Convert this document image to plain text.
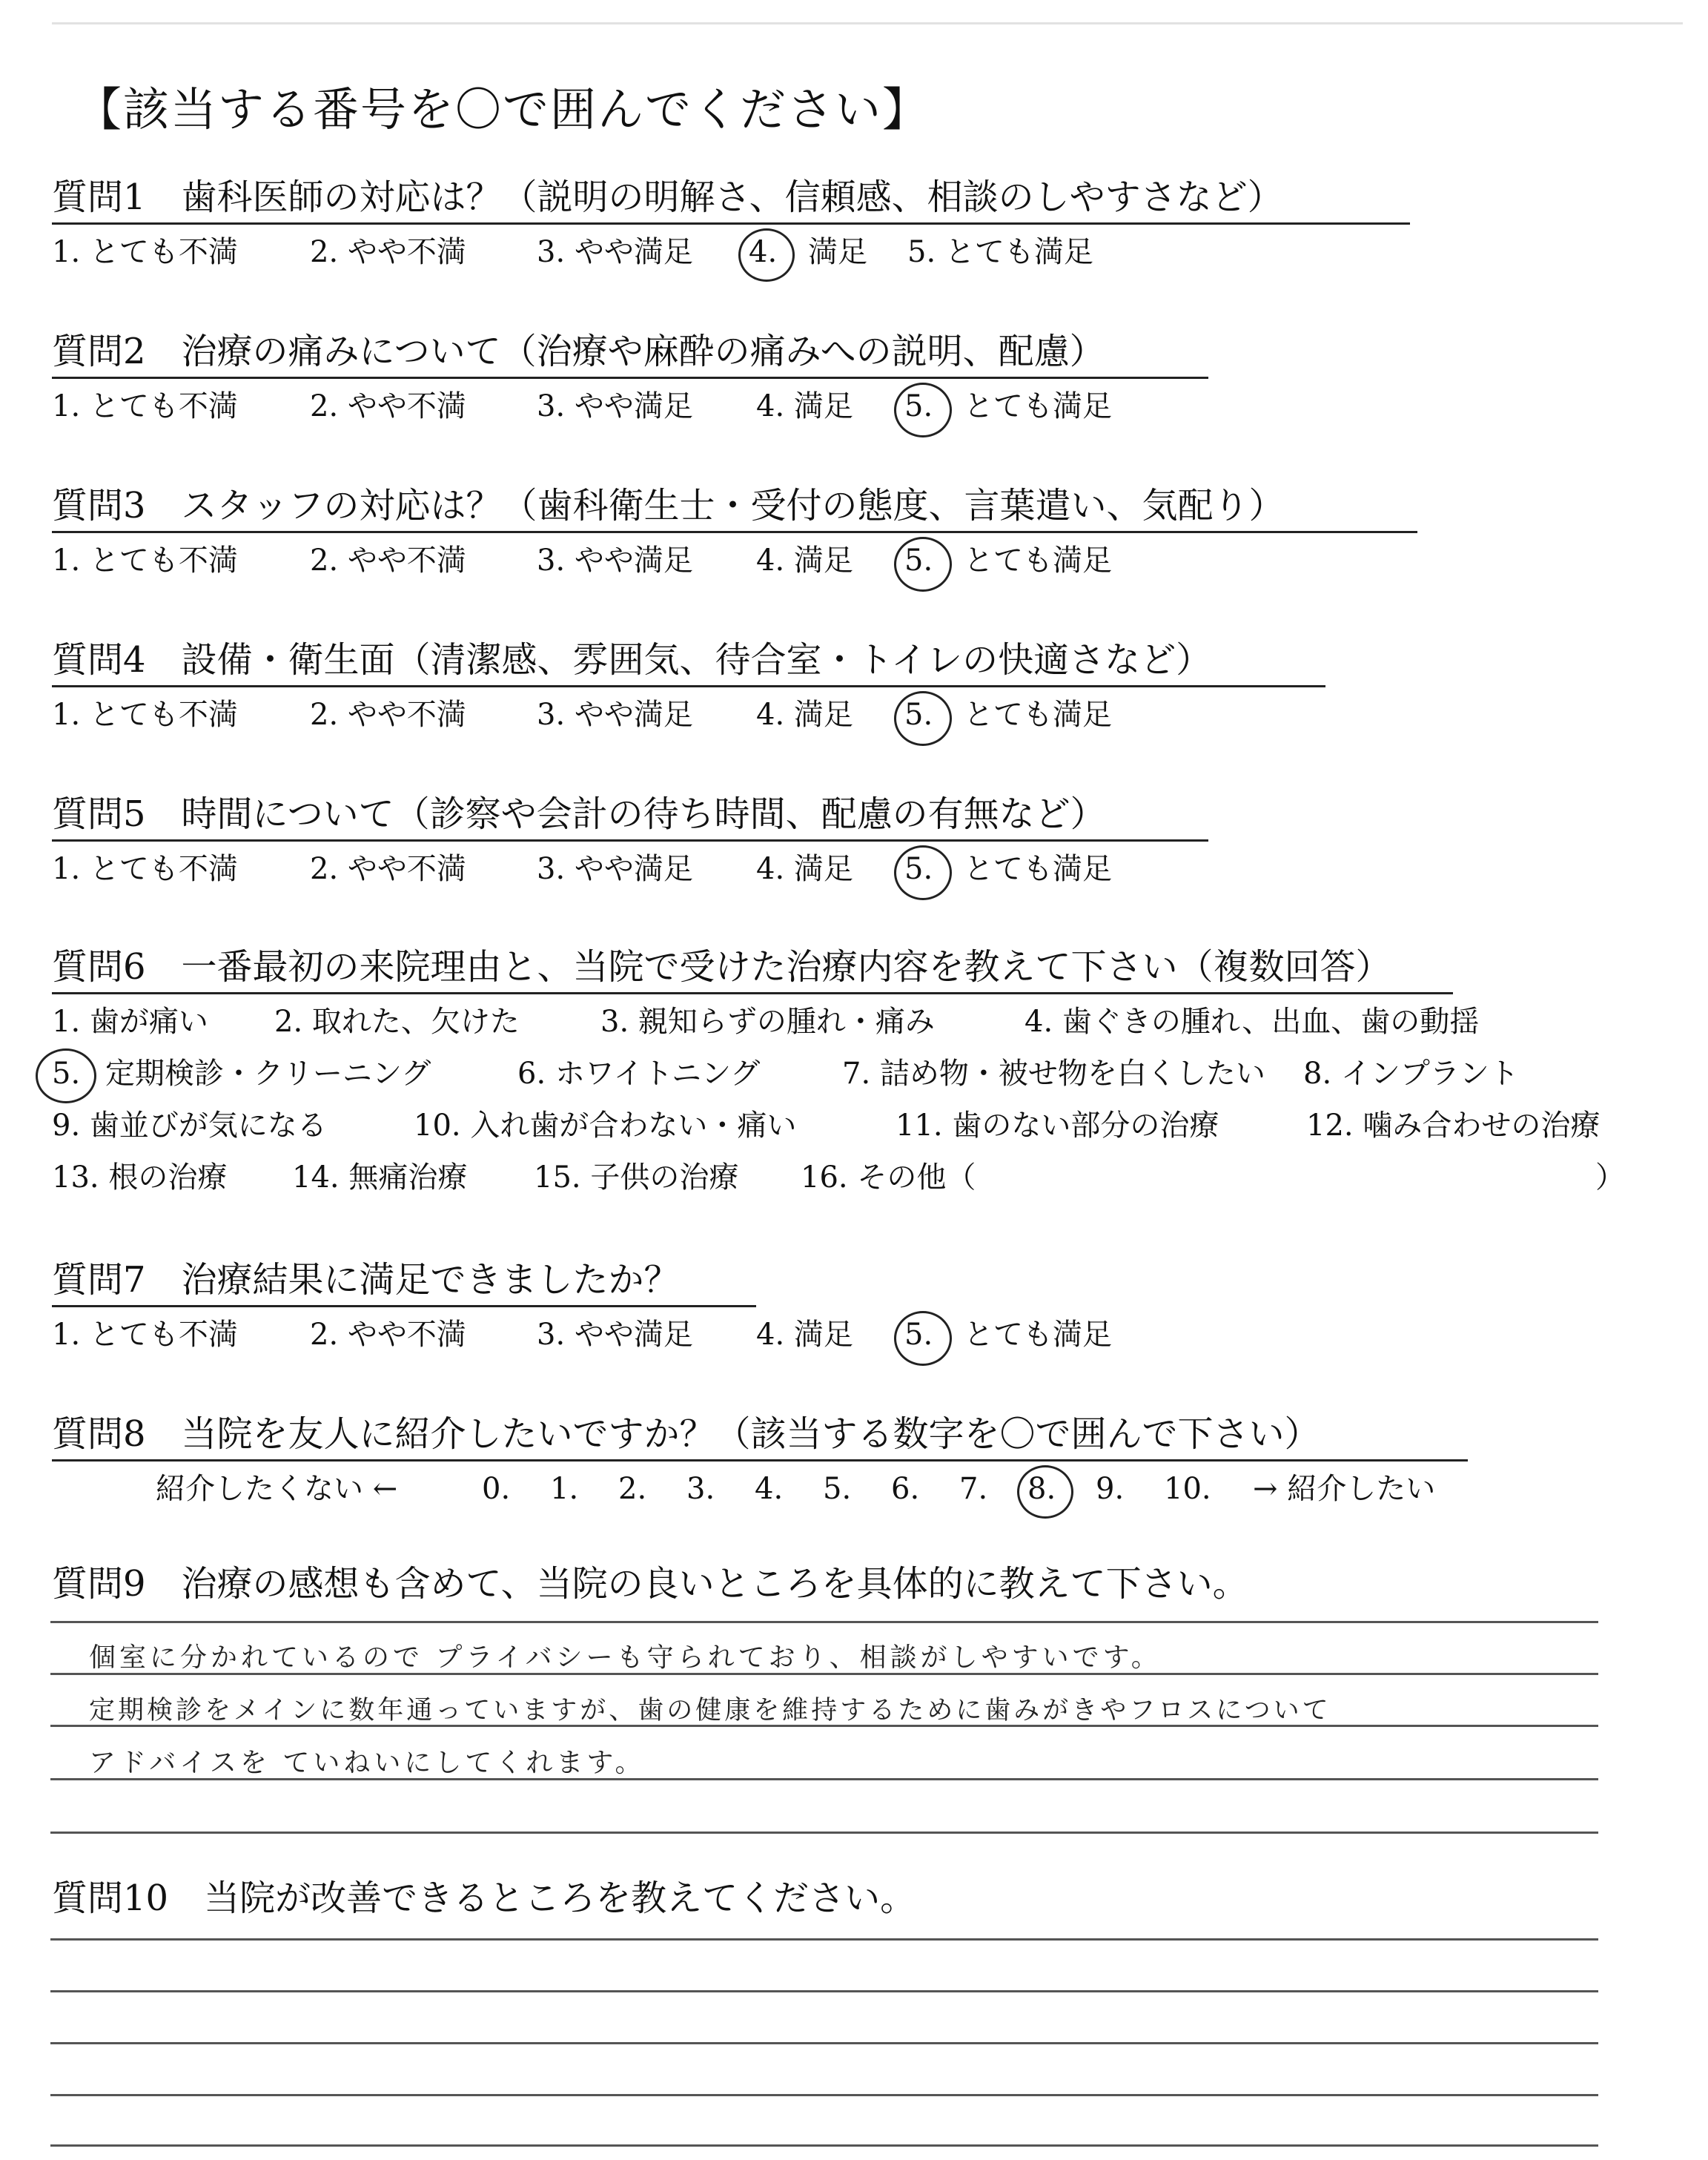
【該当する番号を〇で囲んでください】
質問1　歯科医師の対応は？（説明の明解さ、信頼感、相談のしやすさなど）
1. とても不満 2. やや不満 3. やや満足 4. 満足 5. とても満足
質問2　治療の痛みについて（治療や麻酔の痛みへの説明、配慮）
1. とても不満 2. やや不満 3. やや満足 4. 満足 5. とても満足
質問3　スタッフの対応は？（歯科衛生士・受付の態度、言葉遣い、気配り）
1. とても不満 2. やや不満 3. やや満足 4. 満足 5. とても満足
質問4　設備・衛生面（清潔感、雰囲気、待合室・トイレの快適さなど）
1. とても不満 2. やや不満 3. やや満足 4. 満足 5. とても満足
質問5　時間について（診察や会計の待ち時間、配慮の有無など）
1. とても不満 2. やや不満 3. やや満足 4. 満足 5. とても満足
質問6　一番最初の来院理由と、当院で受けた治療内容を教えて下さい（複数回答）
1. 歯が痛い 2. 取れた、欠けた	3. 親知らずの腫れ・痛み	4. 歯ぐきの腫れ、出血、歯の動揺
5. 定期検診・クリーニング	6. ホワイトニング	7. 詰め物・被せ物を白くしたい 8. インプラント
9. 歯並びが気になる	10. 入れ歯が合わない・痛い	11. 歯のない部分の治療	12. 噛み合わせの治療
13. 根の治療 14. 無痛治療 15. 子供の治療 16. その他（	）
質問7　治療結果に満足できましたか？
1. とても不満 2. やや不満 3. やや満足 4. 満足 5. とても満足
質問8　当院を友人に紹介したいですか？（該当する数字を〇で囲んで下さい）
紹介したくない ←	0. 1. 2. 3. 4. 5. 6. 7. 8. 9. 10. → 紹介したい
質問9　治療の感想も含めて、当院の良いところを具体的に教えて下さい。
個室に分かれているので プライバシーも守られており、相談がしやすいです。
定期検診をメインに数年通っていますが、歯の健康を維持するために歯みがきやフロスについて
アドバイスを ていねいにしてくれます。
質問10　当院が改善できるところを教えてください。
